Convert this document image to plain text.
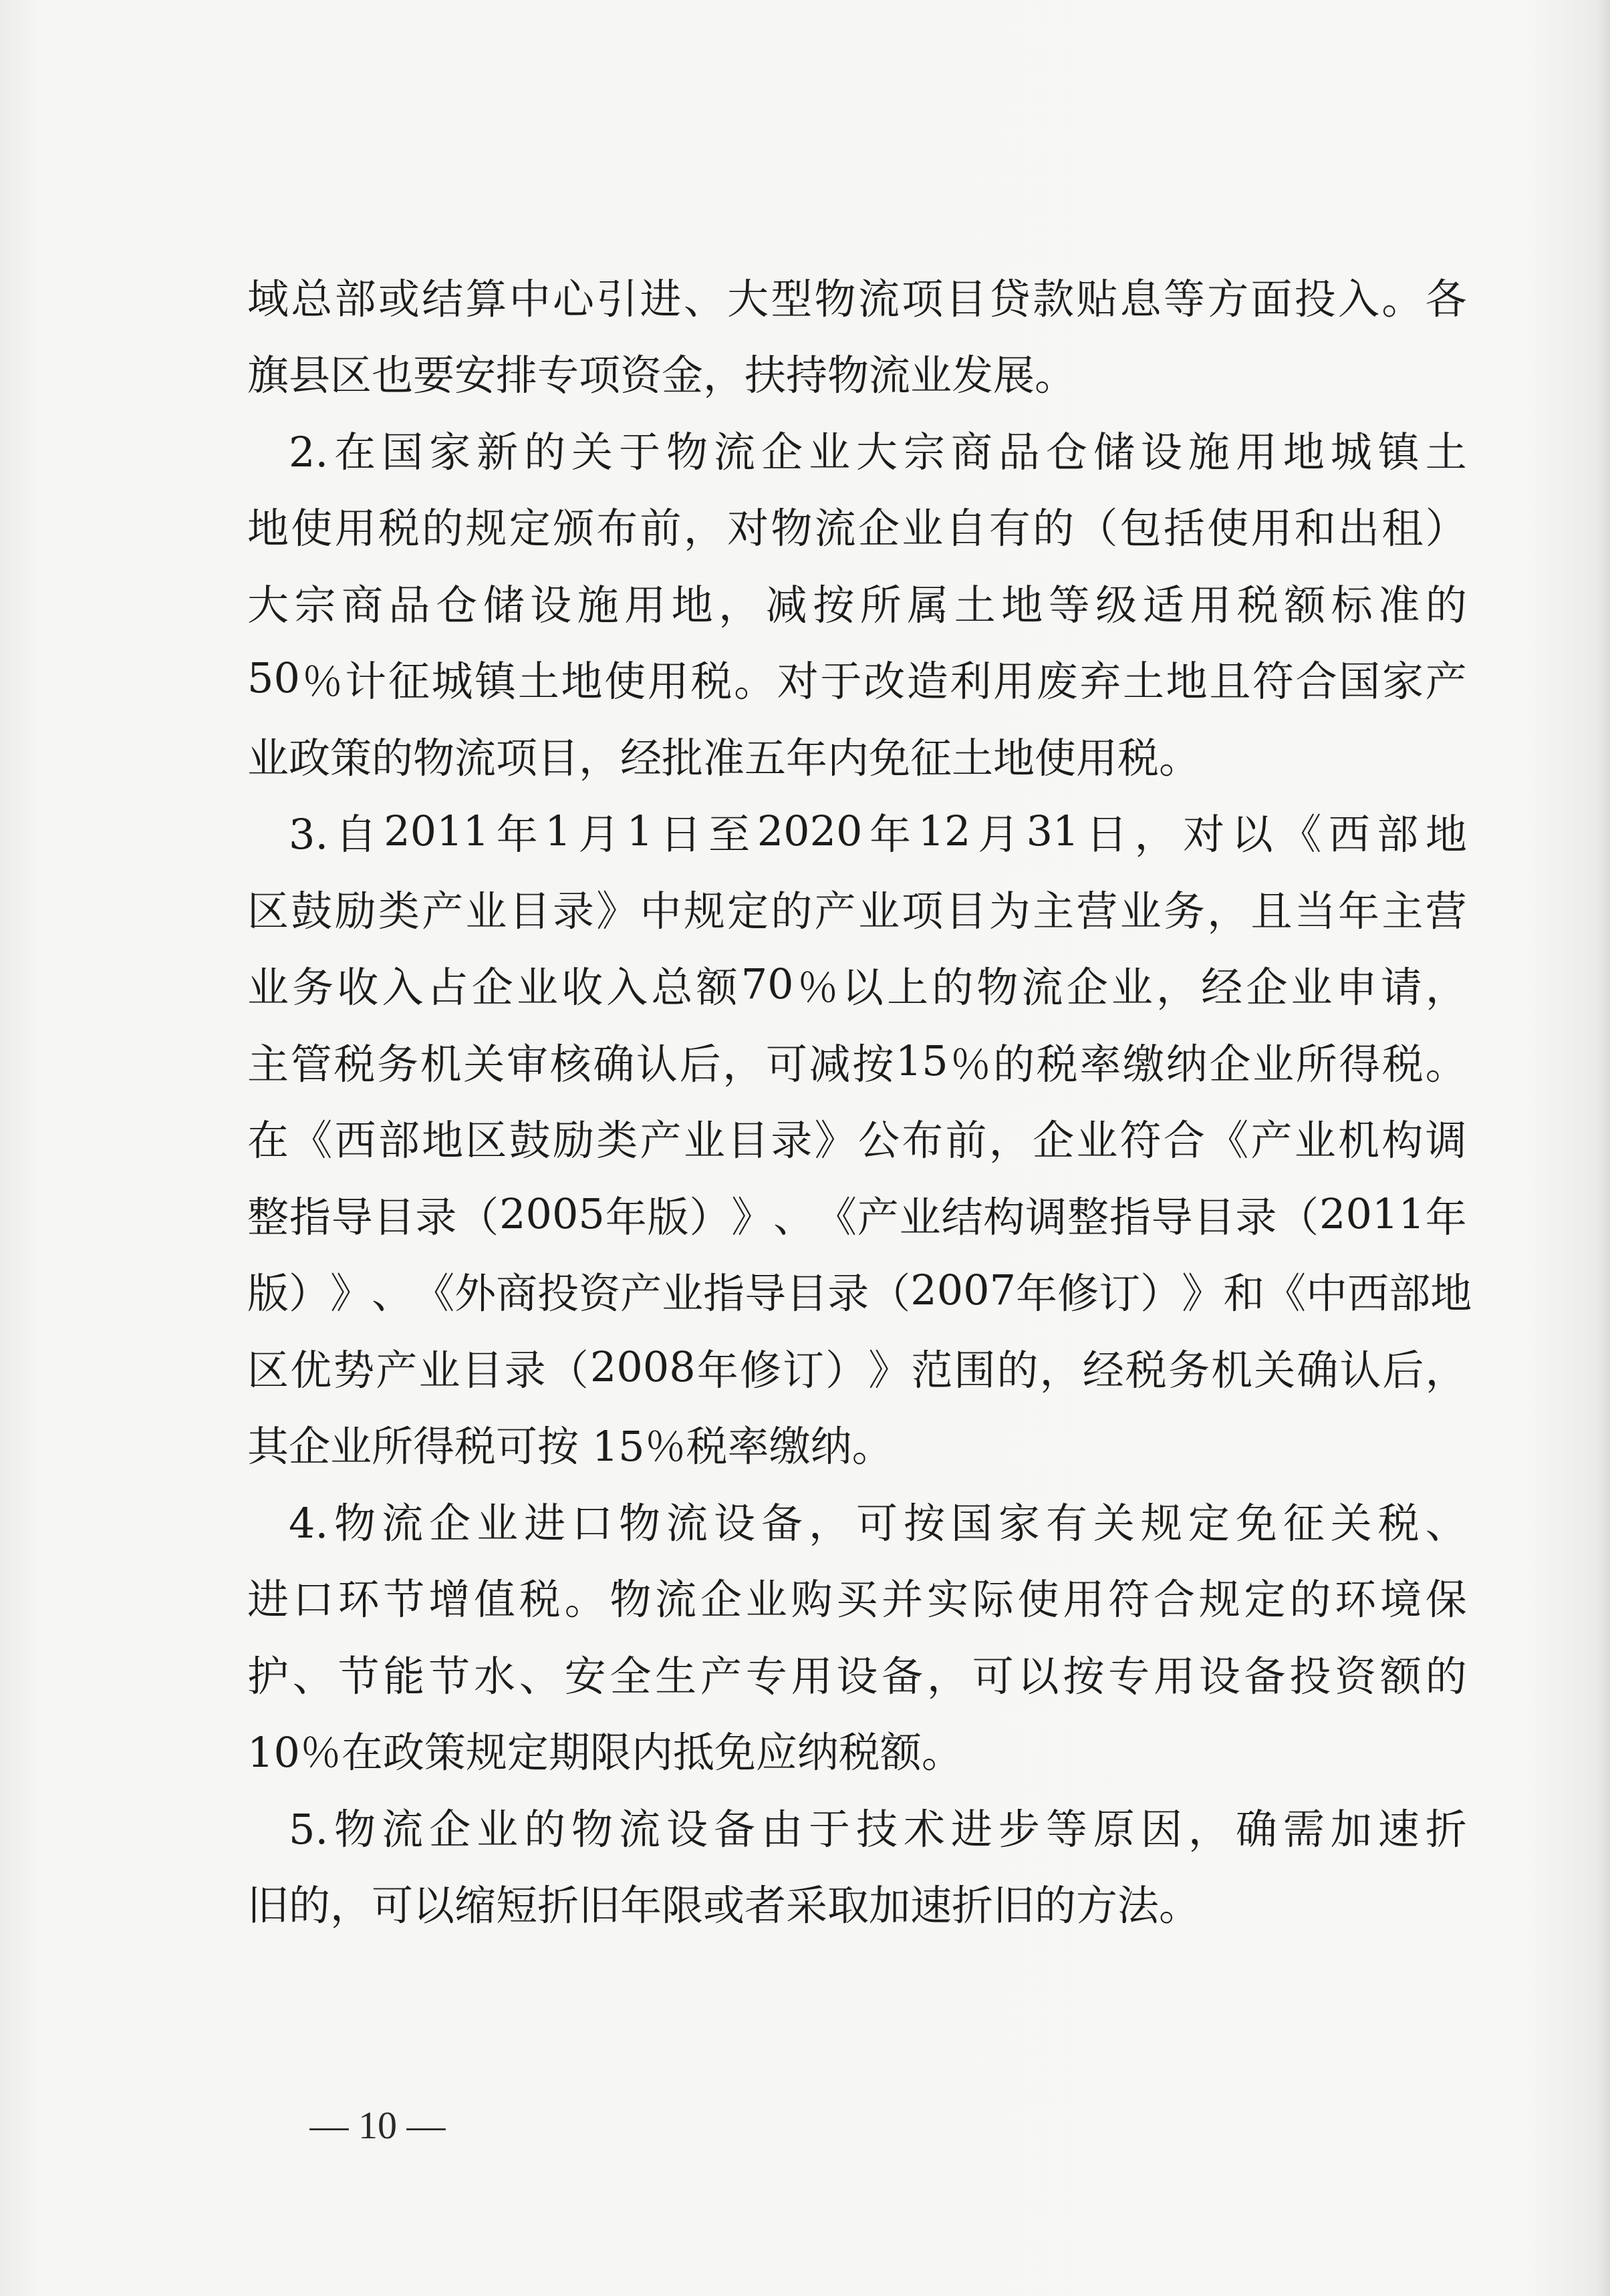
域 总 部 或 结 算 中 心 引 进 、 大 型 物 流 项 目 贷 款 贴 息 等 方 面 投 入 。 各
旗县区也要安排专项资金，扶持物流业发展。
　2. 在 国 家 新 的 关 于 物 流 企 业 大 宗 商 品 仓 储 设 施 用 地 城 镇 土
地 使 用 税 的 规 定 颁 布 前 ， 对 物 流 企 业 自 有 的 （ 包 括 使 用 和 出 租 ）
大 宗 商 品 仓 储 设 施 用 地 ， 减 按 所 属 土 地 等 级 适 用 税 额 标 准 的
50 ％ 计 征 城 镇 土 地 使 用 税 。 对 于 改 造 利 用 废 弃 土 地 且 符 合 国 家 产
业政策的物流项目，经批准五年内免征土地使用税。
　3. 自 2011 年 1 月 1 日 至 2020 年 12 月 31 日 ， 对 以 《 西 部 地
区 鼓 励 类 产 业 目 录 》 中 规 定 的 产 业 项 目 为 主 营 业 务 ， 且 当 年 主 营
业 务 收 入 占 企 业 收 入 总 额 70 ％ 以 上 的 物 流 企 业 ， 经 企 业 申 请 ，
主 管 税 务 机 关 审 核 确 认 后 ， 可 减 按 15 ％ 的 税 率 缴 纳 企 业 所 得 税 。
在 《 西 部 地 区 鼓 励 类 产 业 目 录 》 公 布 前 ， 企 业 符 合 《 产 业 机 构 调
整 指 导 目 录 （ 2005 年 版 ） 》 、 《 产 业 结 构 调 整 指 导 目 录 （ 2011 年
版 ） 》 、 《 外 商 投 资 产 业 指 导 目 录 （ 2007 年 修 订 ） 》 和 《 中 西 部 地
区 优 势 产 业 目 录 （ 2008 年 修 订 ） 》 范 围 的 ， 经 税 务 机 关 确 认 后 ，
其企业所得税可按 15％税率缴纳。
　4. 物 流 企 业 进 口 物 流 设 备 ， 可 按 国 家 有 关 规 定 免 征 关 税 、
进 口 环 节 增 值 税 。 物 流 企 业 购 买 并 实 际 使 用 符 合 规 定 的 环 境 保
护 、 节 能 节 水 、 安 全 生 产 专 用 设 备 ， 可 以 按 专 用 设 备 投 资 额 的
10％在政策规定期限内抵免应纳税额。
　5. 物 流 企 业 的 物 流 设 备 由 于 技 术 进 步 等 原 因 ， 确 需 加 速 折
旧的，可以缩短折旧年限或者采取加速折旧的方法。
— 10 —
